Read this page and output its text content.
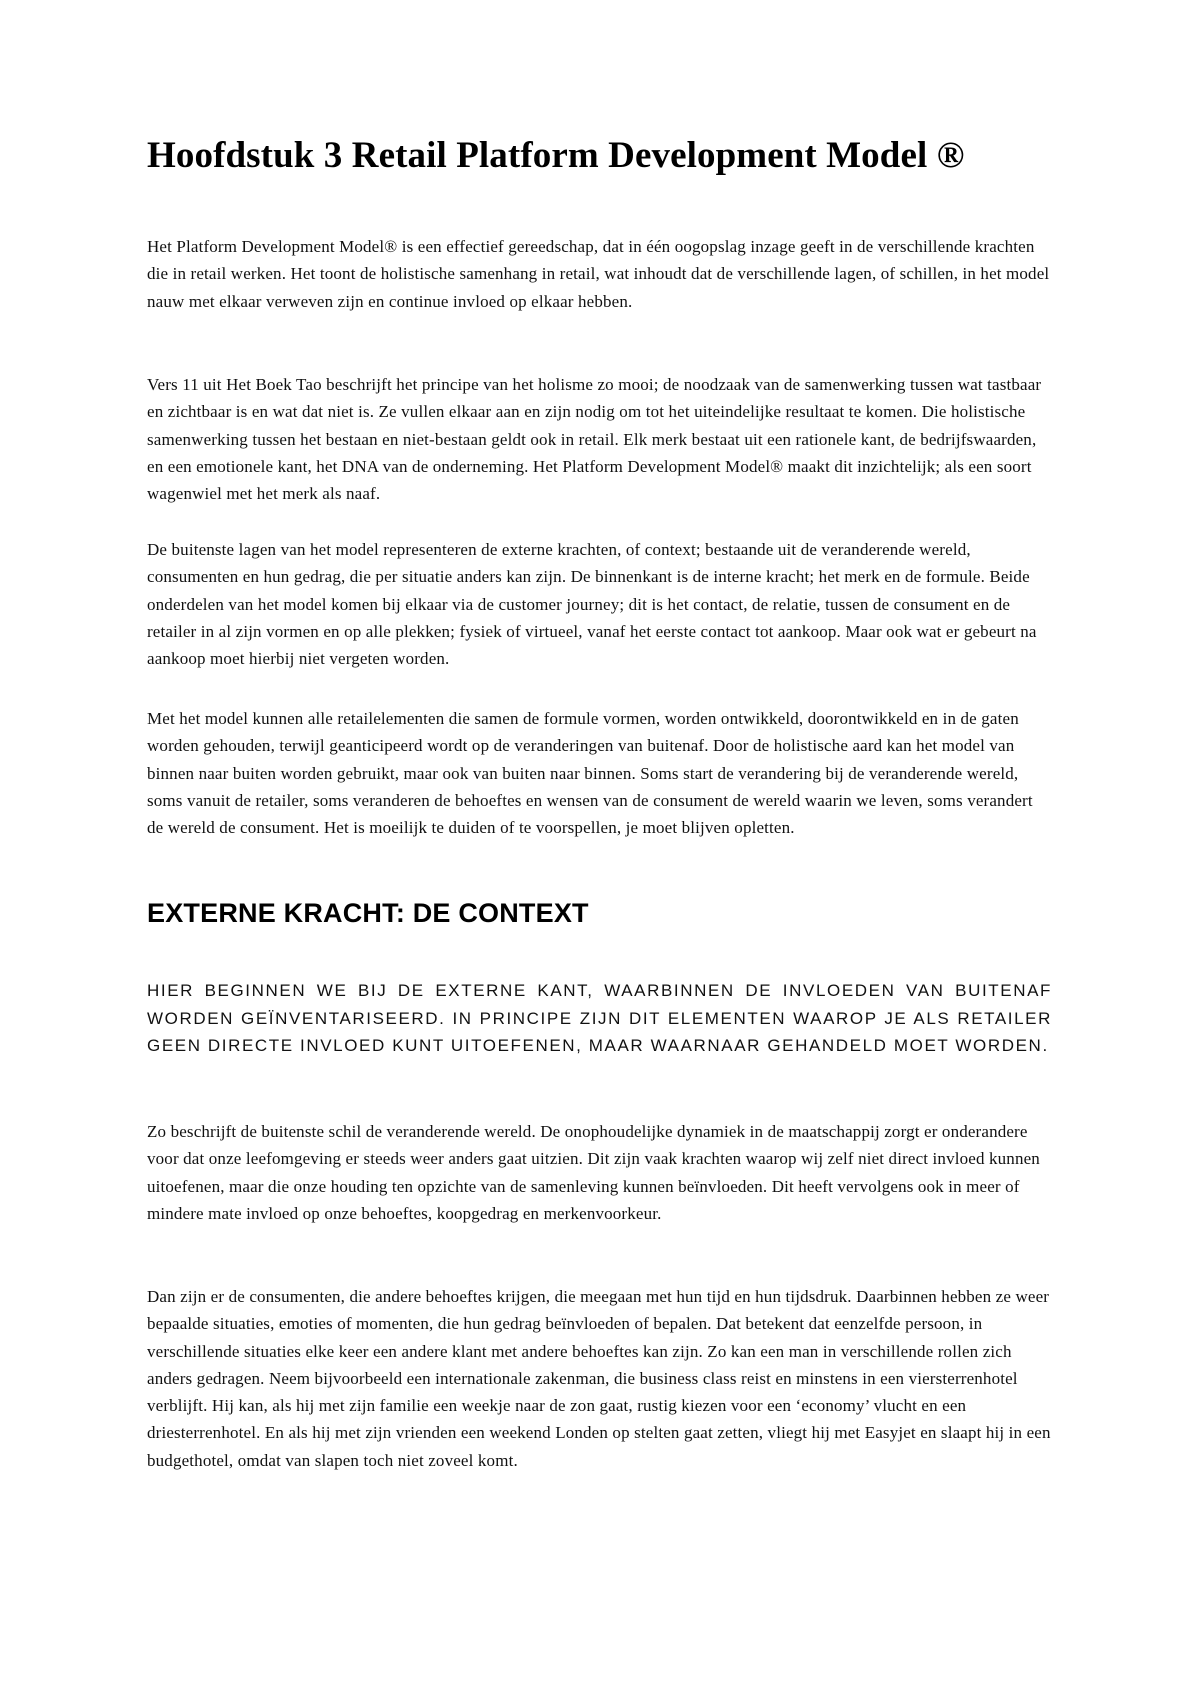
Hoofdstuk 3 Retail Platform Development Model ®

Het Platform Development Model® is een effectief gereedschap, dat in één oogopslag inzage geeft in de verschillende krachten die in retail werken. Het toont de holistische samenhang in retail, wat inhoudt dat de verschillende lagen, of schillen, in het model nauw met elkaar verweven zijn en continue invloed op elkaar hebben.

Vers 11 uit Het Boek Tao beschrijft het principe van het holisme zo mooi; de noodzaak van de samenwerking tussen wat tastbaar en zichtbaar is en wat dat niet is. Ze vullen elkaar aan en zijn nodig om tot het uiteindelijke resultaat te komen. Die holistische samenwerking tussen het bestaan en niet-bestaan geldt ook in retail. Elk merk bestaat uit een rationele kant, de bedrijfswaarden, en een emotionele kant, het DNA van de onderneming. Het Platform Development Model® maakt dit inzichtelijk; als een soort wagenwiel met het merk als naaf.

De buitenste lagen van het model representeren de externe krachten, of context; bestaande uit de veranderende wereld, consumenten en hun gedrag, die per situatie anders kan zijn. De binnenkant is de interne kracht; het merk en de formule. Beide onderdelen van het model komen bij elkaar via de customer journey; dit is het contact, de relatie, tussen de consument en de retailer in al zijn vormen en op alle plekken; fysiek of virtueel, vanaf het eerste contact tot aankoop. Maar ook wat er gebeurt na aankoop moet hierbij niet vergeten worden.

Met het model kunnen alle retailelementen die samen de formule vormen, worden ontwikkeld, doorontwikkeld en in de gaten worden gehouden, terwijl geanticipeerd wordt op de veranderingen van buitenaf. Door de holistische aard kan het model van binnen naar buiten worden gebruikt, maar ook van buiten naar binnen. Soms start de verandering bij de veranderende wereld, soms vanuit de retailer, soms veranderen de behoeftes en wensen van de consument de wereld waarin we leven, soms verandert de wereld de consument. Het is moeilijk te duiden of te voorspellen, je moet blijven opletten.

EXTERNE KRACHT: DE CONTEXT

HIER BEGINNEN WE BIJ DE EXTERNE KANT, WAARBINNEN DE INVLOEDEN VAN BUITENAF WORDEN GEÏNVENTARISEERD. IN PRINCIPE ZIJN DIT ELEMENTEN WAAROP JE ALS RETAILER GEEN DIRECTE INVLOED KUNT UITOEFENEN, MAAR WAARNAAR GEHANDELD MOET WORDEN.

Zo beschrijft de buitenste schil de veranderende wereld. De onophoudelijke dynamiek in de maatschappij zorgt er onderandere voor dat onze leefomgeving er steeds weer anders gaat uitzien. Dit zijn vaak krachten waarop wij zelf niet direct invloed kunnen uitoefenen, maar die onze houding ten opzichte van de samenleving kunnen beïnvloeden. Dit heeft vervolgens ook in meer of mindere mate invloed op onze behoeftes, koopgedrag en merkenvoorkeur.

Dan zijn er de consumenten, die andere behoeftes krijgen, die meegaan met hun tijd en hun tijdsdruk. Daarbinnen hebben ze weer bepaalde situaties, emoties of momenten, die hun gedrag beïnvloeden of bepalen. Dat betekent dat eenzelfde persoon, in verschillende situaties elke keer een andere klant met andere behoeftes kan zijn. Zo kan een man in verschillende rollen zich anders gedragen. Neem bijvoorbeeld een internationale zakenman, die business class reist en minstens in een viersterrenhotel verblijft. Hij kan, als hij met zijn familie een weekje naar de zon gaat, rustig kiezen voor een ‘economy’ vlucht en een driesterrenhotel. En als hij met zijn vrienden een weekend Londen op stelten gaat zetten, vliegt hij met Easyjet en slaapt hij in een budgethotel, omdat van slapen toch niet zoveel komt.
